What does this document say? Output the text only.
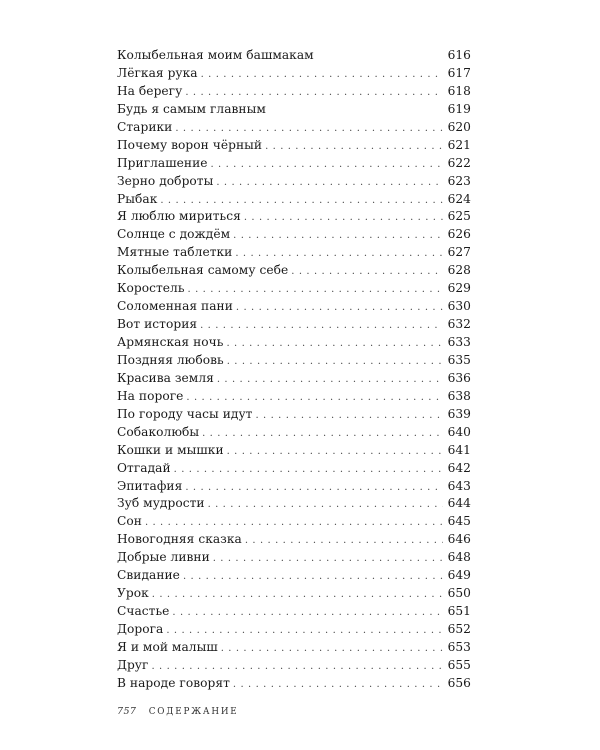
Колыбельная моим башмакам	616
Лёгкая рука . . .	617
На берегу . . .	618
Будь я самым главным	619
Старики . . .	620
Почему ворон чёрный . . .	621
Приглашение . . .	622
Зерно доброты . . .	623
Рыбак . . .	624
Я люблю мириться . . .	625
Солнце с дождём . . .	626
Мятные таблетки . . .	627
Колыбельная самому себе . . .	628
Коростель . . .	629
Соломенная пани . . .	630
Вот история . . .	632
Армянская ночь . . .	633
Поздняя любовь . . .	635
Красива земля . . .	636
На пороге . . .	638
По городу часы идут . . .	639
Собаколюбы . . .	640
Кошки и мышки . . .	641
Отгадай . . .	642
Эпитафия . . .	643
Зуб мудрости . . .	644
Сон . . .	645
Новогодняя сказка . . .	646
Добрые ливни . . .	648
Свидание . . .	649
Урок . . .	650
Счастье . . .	651
Дорога . . .	652
Я и мой малыш . . .	653
Друг . . .	655
В народе говорят . . .	656
757 СОДЕРЖАНИЕ
